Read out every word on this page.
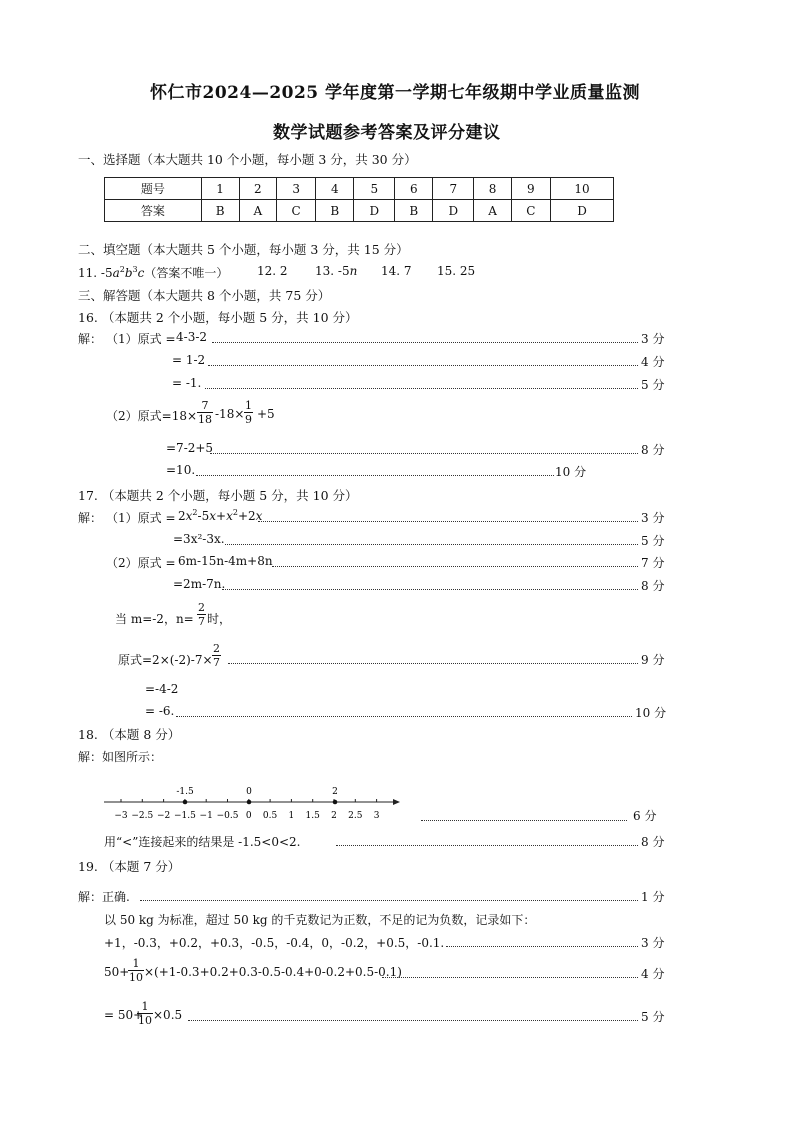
怀仁市2024—2025 学年度第一学期七年级期中学业质量监测
数学试题参考答案及评分建议
一、选择题（本大题共 10 个小题，每小题 3 分，共 30 分）
题号	1	2	3	4	5	6	7	8	9	10
答案	B	A	C	B	D	B	D	A	C	D
二、填空题（本大题共 5 个小题，每小题 3 分，共 15 分）
11. $-5a^2b^3c$（答案不唯一） 12. 2 13. -5n 14. 7 15. 25
三、解答题（本大题共 8 个小题，共 75 分）
16. （本题共 2 个小题，每小题 5 分，共 10 分）
解： （1）原式 = 4-3-2	3 分
= 1-2	4 分
= -1.	5 分
（2）原式=18×
7
18 -18×
1
9 +5
=7-2+5	8 分
=10.	10 分
17. （本题共 2 个小题，每小题 5 分，共 10 分）
解： （1）原式 = $2x^2-5x+x^2+2x$	3 分
=3x²-3x.	5 分
（2）原式 = 6m-15n-4m+8n	7 分
=2m-7n.	8 分
当 m=-2，n=
2
7 时，
原式=2×(-2)-7×
2
7	9 分
=-4-2
= -6.	10 分
18. （本题 8 分）
解：如图所示：
−3 −2.5 −2 −1.5 −1 −0.5 0 0.5 1 1.5 2 2.5 3
-1.5	0	2
6 分
用“<”连接起来的结果是 -1.5<0<2.	8 分
19. （本题 7 分）
解：正确.	1 分
以 50 kg 为标准，超过 50 kg 的千克数记为正数，不足的记为负数，记录如下：
+1，-0.3，+0.2，+0.3，-0.5，-0.4，0，-0.2，+0.5，-0.1.	3 分
50+
1
10 ×(+1-0.3+0.2+0.3-0.5-0.4+0-0.2+0.5-0.1)	4 分
= 50+
1
10 ×0.5	5 分
